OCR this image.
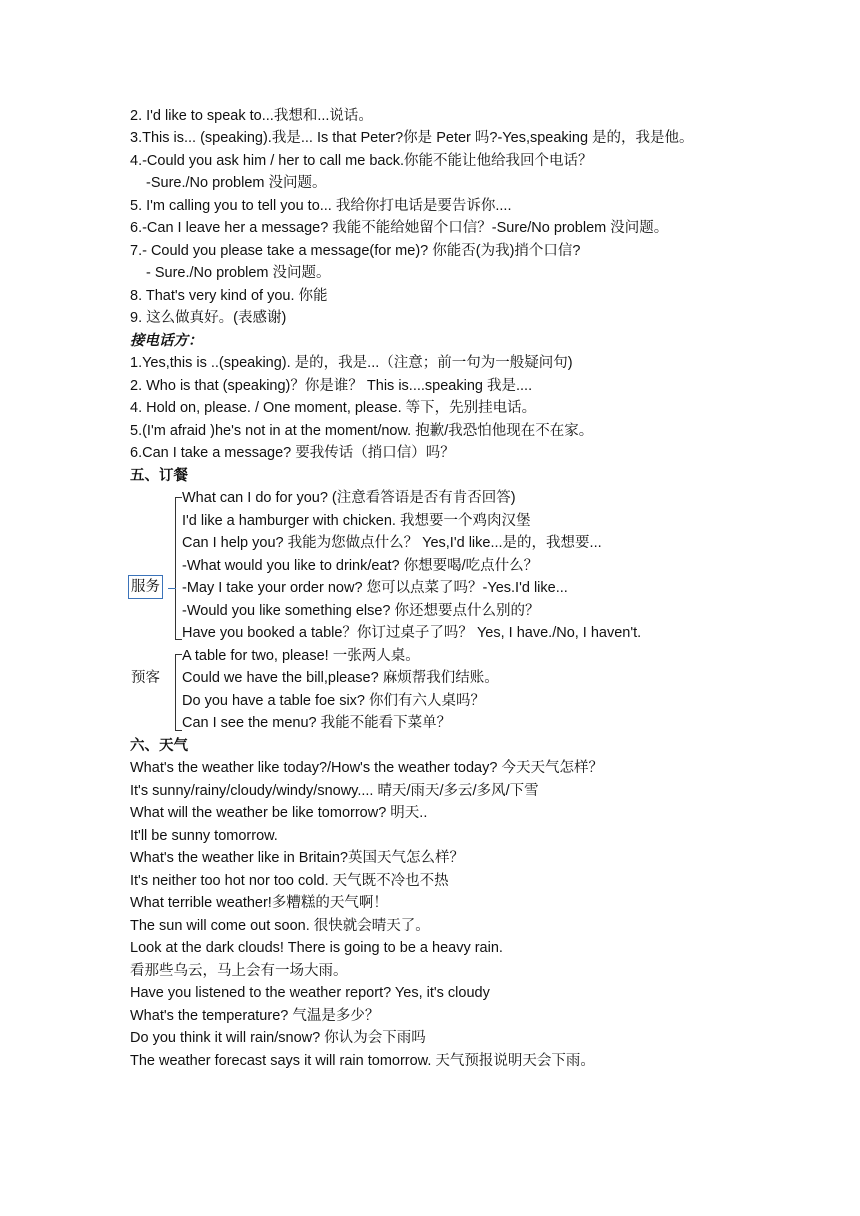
2. I'd like to speak to...我想和...说话。
3.This is... (speaking).我是... Is that Peter?你是 Peter 吗?-Yes,speaking 是的，我是他。
4.-Could you ask him / her to call me back.你能不能让他给我回个电话？
-Sure./No problem 没问题。
5. I'm calling you to tell you to... 我给你打电话是要告诉你....
6.-Can I leave her a message? 我能不能给她留个口信？-Sure/No problem 没问题。
7.- Could you please take a message(for me)? 你能否(为我)捎个口信?
- Sure./No problem 没问题。
8. That's very kind of you. 你能
9. 这么做真好。(表感谢)
接电话方：
1.Yes,this is ..(speaking). 是的，我是...（注意；前一句为一般疑问句)
2. Who is that (speaking)？你是谁？ This is....speaking 我是....
4. Hold on, please. / One moment, please. 等下，先别挂电话。
5.(I'm afraid )he's not in at the moment/now. 抱歉/我恐怕他现在不在家。
6.Can I take a message? 要我传话（捎口信）吗？
五、订餐
服务
What can I do for you? (注意看答语是否有肯否回答)
I'd like a hamburger with chicken. 我想要一个鸡肉汉堡
Can I help you? 我能为您做点什么？ Yes,I'd like...是的，我想要...
-What would you like to drink/eat? 你想要喝/吃点什么？
-May I take your order now? 您可以点菜了吗？-Yes.I'd like...
-Would you like something else? 你还想要点什么别的？
Have you booked a table？你订过桌子了吗？ Yes, I have./No, I haven't.
预客
A table for two, please! 一张两人桌。
Could we have the bill,please? 麻烦帮我们结账。
Do you have a table foe six? 你们有六人桌吗？
Can I see the menu? 我能不能看下菜单？
六、天气
What's the weather like today?/How's the weather today? 今天天气怎样？
It's sunny/rainy/cloudy/windy/snowy.... 晴天/雨天/多云/多风/下雪
What will the weather be like tomorrow? 明天..
It'll be sunny tomorrow.
What's the weather like in Britain?英国天气怎么样？
It's neither too hot nor too cold. 天气既不冷也不热
What terrible weather!多糟糕的天气啊！
The sun will come out soon. 很快就会晴天了。
Look at the dark clouds! There is going to be a heavy rain.
看那些乌云，马上会有一场大雨。
Have you listened to the weather report? Yes, it's cloudy
What's the temperature? 气温是多少？
Do you think it will rain/snow? 你认为会下雨吗
The weather forecast says it will rain tomorrow. 天气预报说明天会下雨。
